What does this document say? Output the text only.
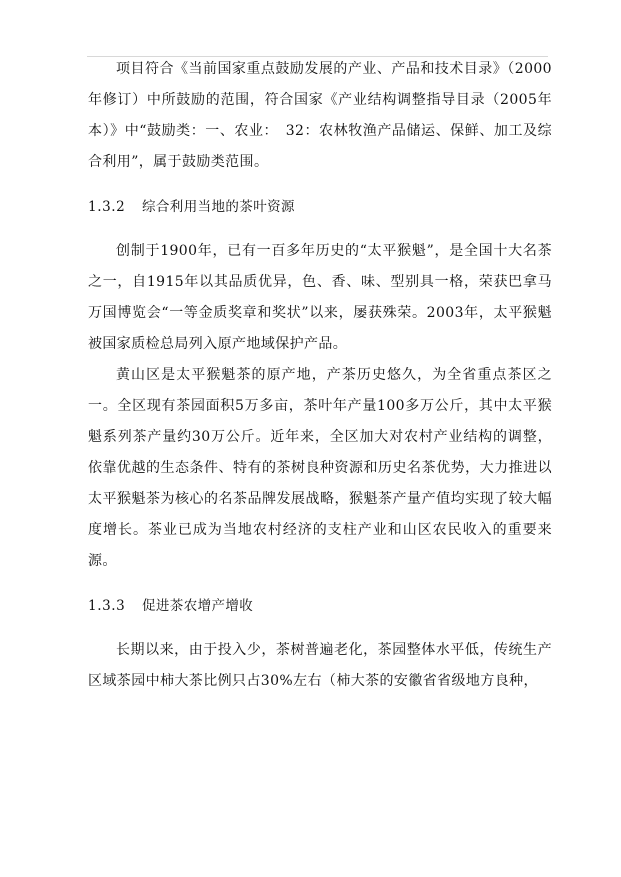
项目符合《当前国家重点鼓励发展的产业、产品和技术目录》（2000年修订）中所鼓励的范围，符合国家《产业结构调整指导目录（2005年本）》中“鼓励类：一、农业：　32：农林牧渔产品储运、保鲜、加工及综合利用”，属于鼓励类范围。

1.3.2 综合利用当地的茶叶资源

创制于1900年，已有一百多年历史的“太平猴魁”，是全国十大名茶之一，自1915年以其品质优异，色、香、味、型别具一格，荣获巴拿马万国博览会“一等金质奖章和奖状”以来，屡获殊荣。2003年，太平猴魁被国家质检总局列入原产地域保护产品。

黄山区是太平猴魁茶的原产地，产茶历史悠久，为全省重点茶区之一。全区现有茶园面积5万多亩，茶叶年产量100多万公斤，其中太平猴魁系列茶产量约30万公斤。近年来，全区加大对农村产业结构的调整，依靠优越的生态条件、特有的茶树良种资源和历史名茶优势，大力推进以太平猴魁茶为核心的名茶品牌发展战略，猴魁茶产量产值均实现了较大幅度增长。茶业已成为当地农村经济的支柱产业和山区农民收入的重要来源。

1.3.3 促进茶农增产增收

长期以来，由于投入少，茶树普遍老化，茶园整体水平低，传统生产区域茶园中柿大茶比例只占30%左右（柿大茶的安徽省省级地方良种，
